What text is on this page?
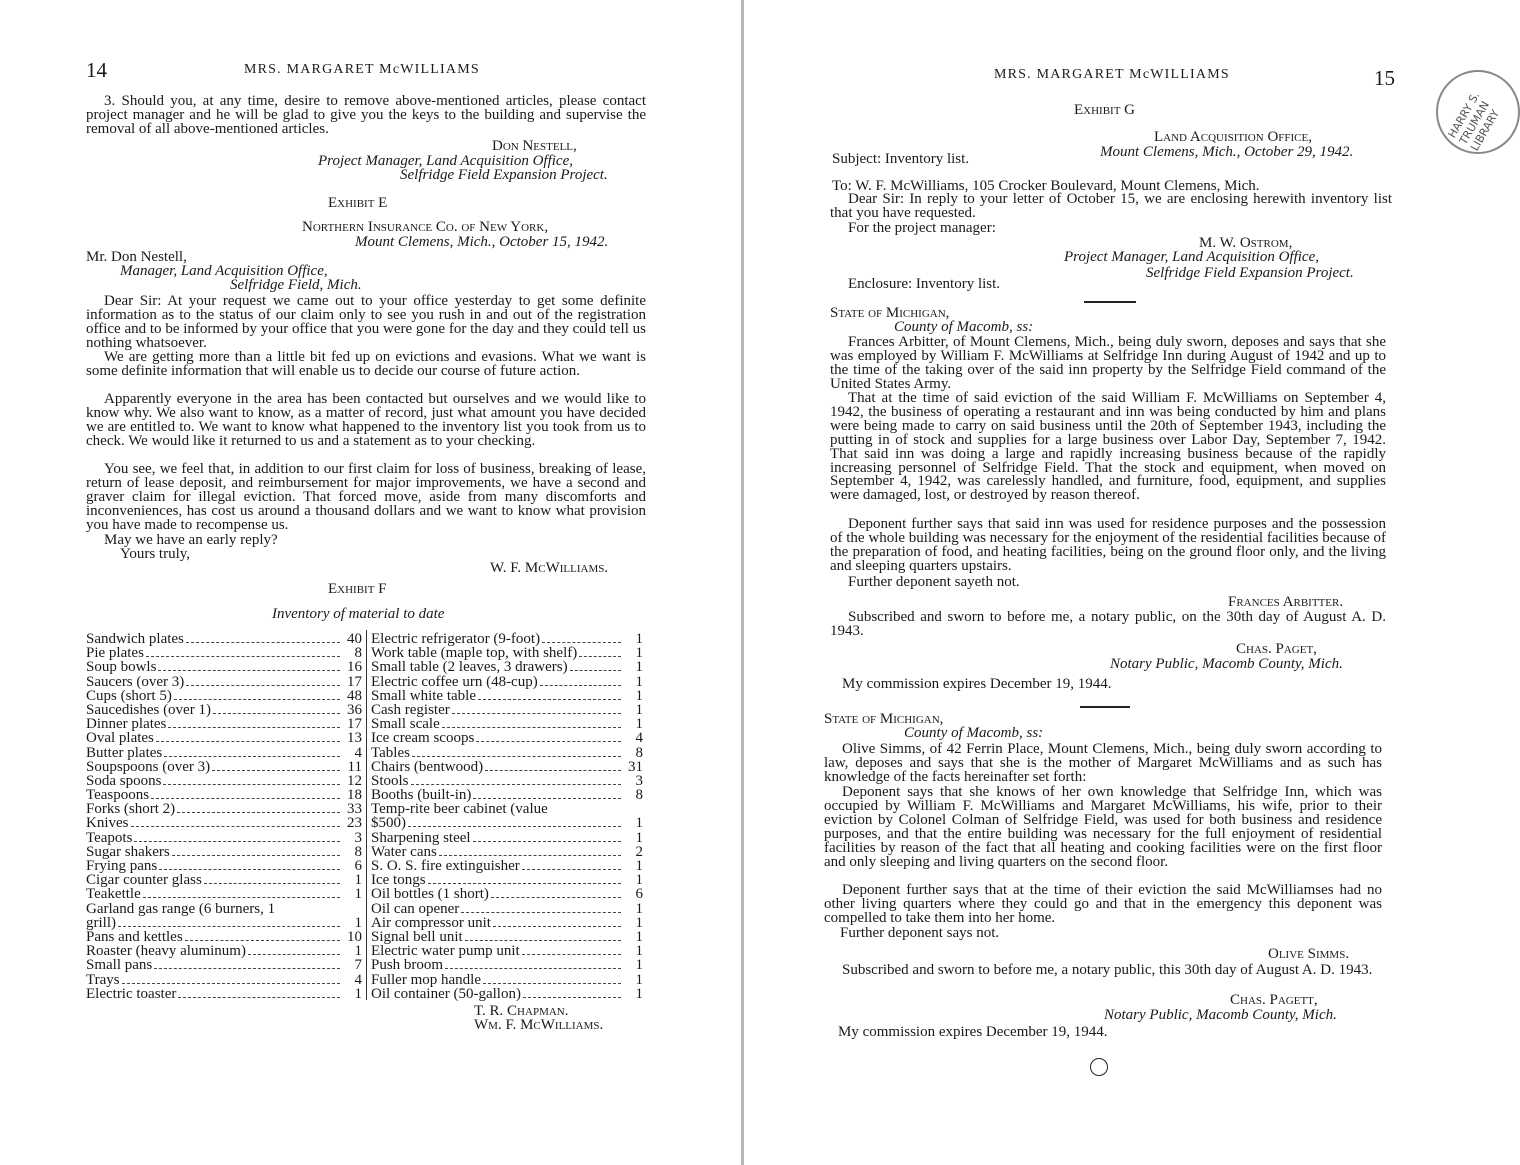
14	MRS. MARGARET McWILLIAMS
3. Should you, at any time, desire to remove above-mentioned articles, please contact project manager and he will be glad to give you the keys to the building and supervise the removal of all above-mentioned articles.
Don Nestell,
Project Manager, Land Acquisition Office,
Selfridge Field Expansion Project.
Exhibit E
Northern Insurance Co. of New York,
Mount Clemens, Mich., October 15, 1942.
Mr. Don Nestell,
Manager, Land Acquisition Office,
Selfridge Field, Mich.
Dear Sir: At your request we came out to your office yesterday to get some definite information as to the status of our claim only to see you rush in and out of the registration office and to be informed by your office that you were gone for the day and they could tell us nothing whatsoever.
We are getting more than a little bit fed up on evictions and evasions. What we want is some definite information that will enable us to decide our course of future action.
Apparently everyone in the area has been contacted but ourselves and we would like to know why. We also want to know, as a matter of record, just what amount you have decided we are entitled to. We want to know what happened to the inventory list you took from us to check. We would like it returned to us and a statement as to your checking.
You see, we feel that, in addition to our first claim for loss of business, breaking of lease, return of lease deposit, and reimbursement for major improvements, we have a second and graver claim for illegal eviction. That forced move, aside from many discomforts and inconveniences, has cost us around a thousand dollars and we want to know what provision you have made to recompense us.
May we have an early reply?
Yours truly,
W. F. McWilliams.
Exhibit F
Inventory of material to date
Sandwich plates	40
Pie plates	8
Soup bowls	16
Saucers (over 3)	17
Cups (short 5)	48
Saucedishes (over 1)	36
Dinner plates	17
Oval plates	13
Butter plates	4
Soupspoons (over 3)	11
Soda spoons	12
Teaspoons	18
Forks (short 2)	33
Knives	23
Teapots	3
Sugar shakers	8
Frying pans	6
Cigar counter glass	1
Teakettle	1
Garland gas range (6 burners, 1
grill)	1
Pans and kettles	10
Roaster (heavy aluminum)	1
Small pans	7
Trays	4
Electric toaster	1
Electric refrigerator (9-foot)	1
Work table (maple top, with shelf)	1
Small table (2 leaves, 3 drawers)	1
Electric coffee urn (48-cup)	1
Small white table	1
Cash register	1
Small scale	1
Ice cream scoops	4
Tables	8
Chairs (bentwood)	31
Stools	3
Booths (built-in)	8
Temp-rite beer cabinet (value
$500)	1
Sharpening steel	1
Water cans	2
S. O. S. fire extinguisher	1
Ice tongs	1
Oil bottles (1 short)	6
Oil can opener	1
Air compressor unit	1
Signal bell unit	1
Electric water pump unit	1
Push broom	1
Fuller mop handle	1
Oil container (50-gallon)	1
T. R. Chapman.
Wm. F. McWilliams.
MRS. MARGARET McWILLIAMS	15
Exhibit G
Land Acquisition Office,
Mount Clemens, Mich., October 29, 1942.
Subject: Inventory list.
To: W. F. McWilliams, 105 Crocker Boulevard, Mount Clemens, Mich.
Dear Sir: In reply to your letter of October 15, we are enclosing herewith inventory list that you have requested.
For the project manager:
M. W. Ostrom,
Project Manager, Land Acquisition Office,
Selfridge Field Expansion Project.
Enclosure: Inventory list.
State of Michigan,
County of Macomb, ss:
Frances Arbitter, of Mount Clemens, Mich., being duly sworn, deposes and says that she was employed by William F. McWilliams at Selfridge Inn during August of 1942 and up to the time of the taking over of the said inn property by the Selfridge Field command of the United States Army.
That at the time of said eviction of the said William F. McWilliams on September 4, 1942, the business of operating a restaurant and inn was being conducted by him and plans were being made to carry on said business until the 20th of September 1943, including the putting in of stock and supplies for a large business over Labor Day, September 7, 1942. That said inn was doing a large and rapidly increasing business because of the rapidly increasing personnel of Selfridge Field. That the stock and equipment, when moved on September 4, 1942, was carelessly handled, and furniture, food, equipment, and supplies were damaged, lost, or destroyed by reason thereof.
Deponent further says that said inn was used for residence purposes and the possession of the whole building was necessary for the enjoyment of the residential facilities because of the preparation of food, and heating facilities, being on the ground floor only, and the living and sleeping quarters upstairs.
Further deponent sayeth not.
Frances Arbitter.
Subscribed and sworn to before me, a notary public, on the 30th day of August A. D. 1943.
Chas. Paget,
Notary Public, Macomb County, Mich.
My commission expires December 19, 1944.
State of Michigan,
County of Macomb, ss:
Olive Simms, of 42 Ferrin Place, Mount Clemens, Mich., being duly sworn according to law, deposes and says that she is the mother of Margaret McWilliams and as such has knowledge of the facts hereinafter set forth:
Deponent says that she knows of her own knowledge that Selfridge Inn, which was occupied by William F. McWilliams and Margaret McWilliams, his wife, prior to their eviction by Colonel Colman of Selfridge Field, was used for both business and residence purposes, and that the entire building was necessary for the full enjoyment of residential facilities by reason of the fact that all heating and cooking facilities were on the first floor and only sleeping and living quarters on the second floor.
Deponent further says that at the time of their eviction the said McWilliamses had no other living quarters where they could go and that in the emergency this deponent was compelled to take them into her home.
Further deponent says not.
Olive Simms.
Subscribed and sworn to before me, a notary public, this 30th day of August A. D. 1943.
Chas. Pagett,
Notary Public, Macomb County, Mich.
My commission expires December 19, 1944.
HARRY S. TRUMAN LIBRARY
